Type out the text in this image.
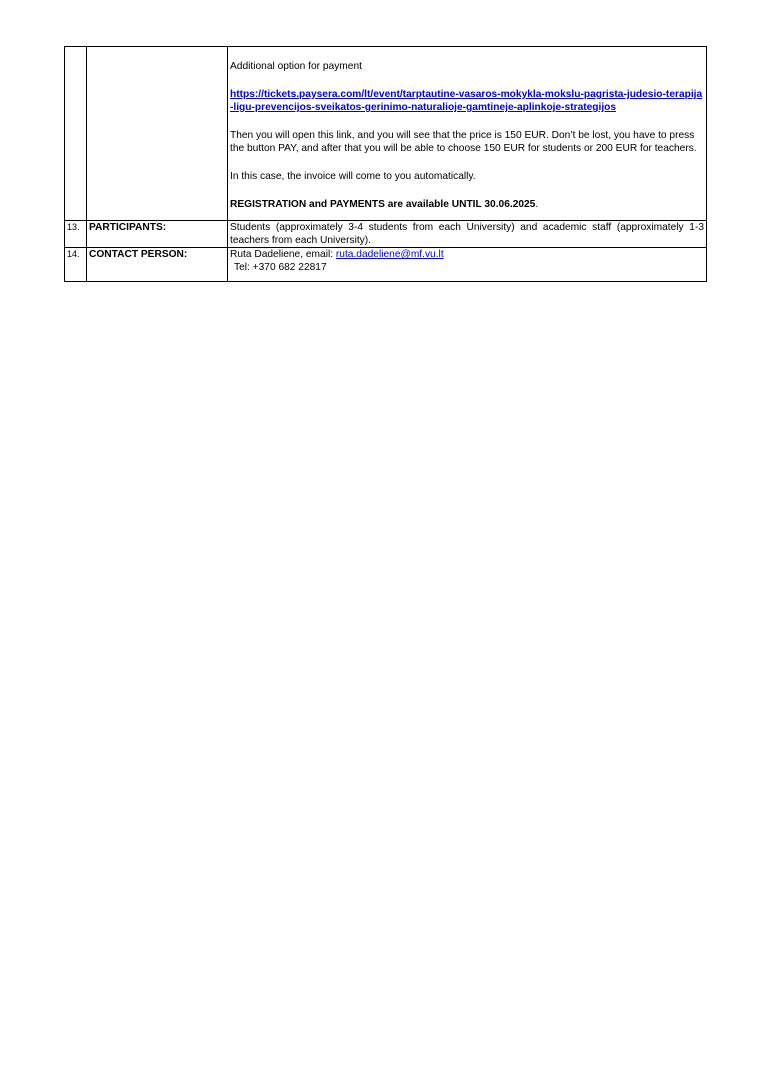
		Additional option for payment

https://tickets.paysera.com/lt/event/tarptautine-vasaros-mokykla-mokslu-pagrista-judesio-terapija-ligu-prevencijos-sveikatos-gerinimo-naturalioje-gamtineje-aplinkoje-strategijos

Then you will open this link, and you will see that the price is 150 EUR. Don’t be lost, you have to press the button PAY, and after that you will be able to choose 150 EUR for students or 200 EUR for teachers.

In this case, the invoice will come to you automatically.

REGISTRATION and PAYMENTS are available UNTIL 30.06.2025.

13.	PARTICIPANTS:	Students (approximately 3-4 students from each University) and academic staff (approximately 1-3 teachers from each University).
14.	CONTACT PERSON:	Ruta Dadeliene, email: ruta.dadeliene@mf.vu.lt
Tel: +370 682 22817
